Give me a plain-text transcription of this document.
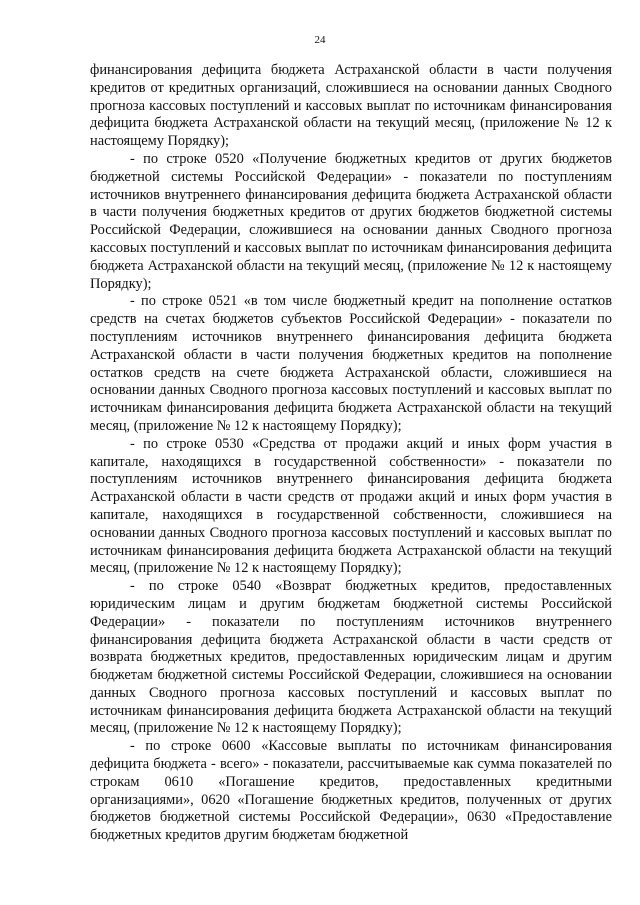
24

финансирования дефицита бюджета Астраханской области в части получения кредитов от кредитных организаций, сложившиеся на основании данных Сводного прогноза кассовых поступлений и кассовых выплат по источникам финансирования дефицита бюджета Астраханской области на текущий месяц, (приложение № 12 к настоящему Порядку);

- по строке 0520 «Получение бюджетных кредитов от других бюджетов бюджетной системы Российской Федерации» - показатели по поступлениям источников внутреннего финансирования дефицита бюджета Астраханской области в части получения бюджетных кредитов от других бюджетов бюджетной системы Российской Федерации, сложившиеся на основании данных Сводного прогноза кассовых поступлений и кассовых выплат по источникам финансирования дефицита бюджета Астраханской области на текущий месяц, (приложение № 12 к настоящему Порядку);

- по строке 0521 «в том числе бюджетный кредит на пополнение остатков средств на счетах бюджетов субъектов Российской Федерации» - показатели по поступлениям источников внутреннего финансирования дефицита бюджета Астраханской области в части получения бюджетных кредитов на пополнение остатков средств на счете бюджета Астраханской области, сложившиеся на основании данных Сводного прогноза кассовых поступлений и кассовых выплат по источникам финансирования дефицита бюджета Астраханской области на текущий месяц, (приложение № 12 к настоящему Порядку);

- по строке 0530 «Средства от продажи акций и иных форм участия в капитале, находящихся в государственной собственности» - показатели по поступлениям источников внутреннего финансирования дефицита бюджета Астраханской области в части средств от продажи акций и иных форм участия в капитале, находящихся в государственной собственности, сложившиеся на основании данных Сводного прогноза кассовых поступлений и кассовых выплат по источникам финансирования дефицита бюджета Астраханской области на текущий месяц, (приложение № 12 к настоящему Порядку);

- по строке 0540 «Возврат бюджетных кредитов, предоставленных юридическим лицам и другим бюджетам бюджетной системы Российской Федерации» - показатели по поступлениям источников внутреннего финансирования дефицита бюджета Астраханской области в части средств от возврата бюджетных кредитов, предоставленных юридическим лицам и другим бюджетам бюджетной системы Российской Федерации, сложившиеся на основании данных Сводного прогноза кассовых поступлений и кассовых выплат по источникам финансирования дефицита бюджета Астраханской области на текущий месяц, (приложение № 12 к настоящему Порядку);

- по строке 0600 «Кассовые выплаты по источникам финансирования дефицита бюджета - всего» - показатели, рассчитываемые как сумма показателей по строкам 0610 «Погашение кредитов, предоставленных кредитными организациями», 0620 «Погашение бюджетных кредитов, полученных от других бюджетов бюджетной системы Российской Федерации», 0630 «Предоставление бюджетных кредитов другим бюджетам бюджетной
